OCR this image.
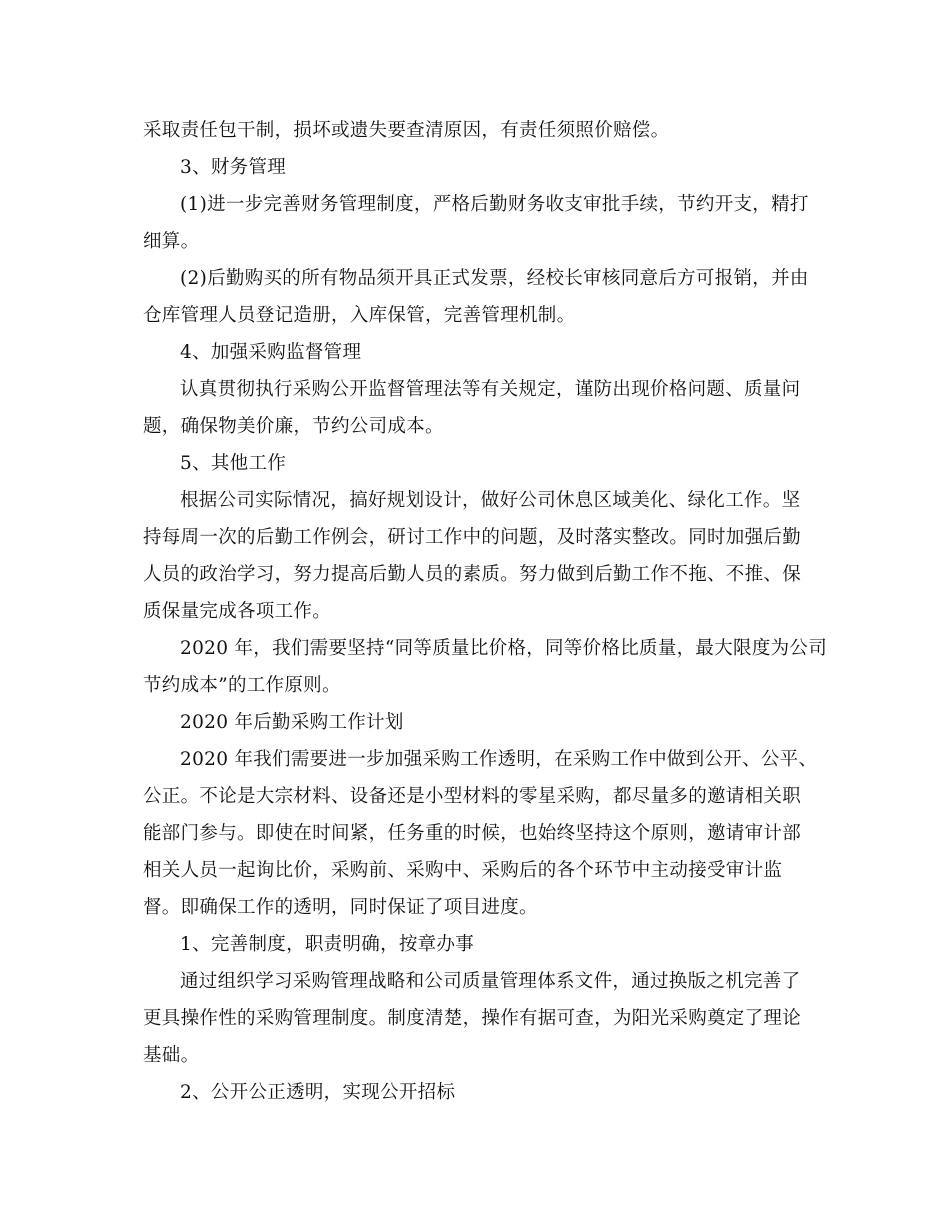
采取责任包干制，损坏或遗失要查清原因，有责任须照价赔偿。
3、财务管理
(1)进一步完善财务管理制度，严格后勤财务收支审批手续，节约开支，精打
细算。
(2)后勤购买的所有物品须开具正式发票，经校长审核同意后方可报销，并由
仓库管理人员登记造册，入库保管，完善管理机制。
4、加强采购监督管理
认真贯彻执行采购公开监督管理法等有关规定，谨防出现价格问题、质量问
题，确保物美价廉，节约公司成本。
5、其他工作
根据公司实际情况，搞好规划设计，做好公司休息区域美化、绿化工作。坚
持每周一次的后勤工作例会，研讨工作中的问题，及时落实整改。同时加强后勤
人员的政治学习，努力提高后勤人员的素质。努力做到后勤工作不拖、不推、保
质保量完成各项工作。
2020 年，我们需要坚持“同等质量比价格，同等价格比质量，最大限度为公司
节约成本”的工作原则。
2020 年后勤采购工作计划
2020 年我们需要进一步加强采购工作透明，在采购工作中做到公开、公平、
公正。不论是大宗材料、设备还是小型材料的零星采购，都尽量多的邀请相关职
能部门参与。即使在时间紧，任务重的时候，也始终坚持这个原则，邀请审计部
相关人员一起询比价，采购前、采购中、采购后的各个环节中主动接受审计监
督。即确保工作的透明，同时保证了项目进度。
1、完善制度，职责明确，按章办事
通过组织学习采购管理战略和公司质量管理体系文件，通过换版之机完善了
更具操作性的采购管理制度。制度清楚，操作有据可查，为阳光采购奠定了理论
基础。
2、公开公正透明，实现公开招标
